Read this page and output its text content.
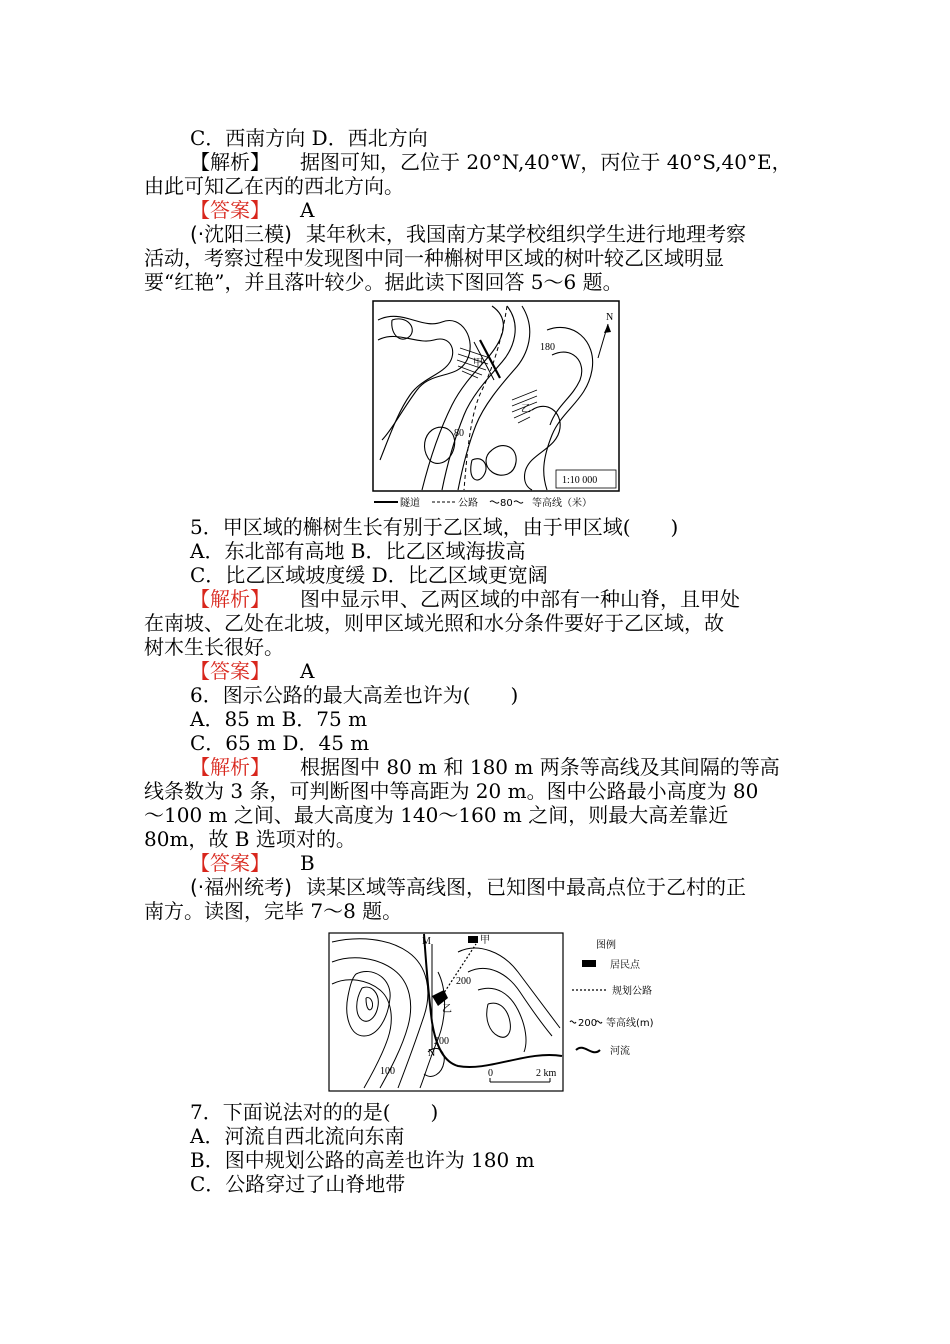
C．西南方向 D．西北方向
【解析】 据图可知，乙位于 20°N,40°W，丙位于 40°S,40°E，
由此可知乙在丙的西北方向。
【答案】 A
(·沈阳三模) 某年秋末，我国南方某学校组织学生进行地理考察
活动，考察过程中发现图中同一种槲树甲区域的树叶较乙区域明显
要“红艳”，并且落叶较少。据此读下图回答 5～6 题。
180
80
甲
乙
N
1:10 000
隧道	公路 80 等高线（米）
5．甲区域的槲树生长有别于乙区域，由于甲区域(　　)
A．东北部有高地 B．比乙区域海拔高
C．比乙区域坡度缓 D．比乙区域更宽阔
【解析】 图中显示甲、乙两区域的中部有一种山脊，且甲处
在南坡、乙处在北坡，则甲区域光照和水分条件要好于乙区域，故
树木生长很好。
【答案】 A
6．图示公路的最大高差也许为(　　)
A．85 m B．75 m
C．65 m D．45 m
【解析】 根据图中 80 m 和 180 m 两条等高线及其间隔的等高
线条数为 3 条，可判断图中等高距为 20 m。图中公路最小高度为 80
～100 m 之间、最大高度为 140～160 m 之间，则最大高差靠近
80m，故 B 选项对的。
【答案】 B
(·福州统考) 读某区域等高线图，已知图中最高点位于乙村的正
南方。读图，完毕 7～8 题。
M
N
甲
乙
200
200
100	0	2 km
图例
居民点
规划公路
200 等高线(m)
河流
7．下面说法对的的是(　　)
A．河流自西北流向东南
B．图中规划公路的高差也许为 180 m
C．公路穿过了山脊地带
